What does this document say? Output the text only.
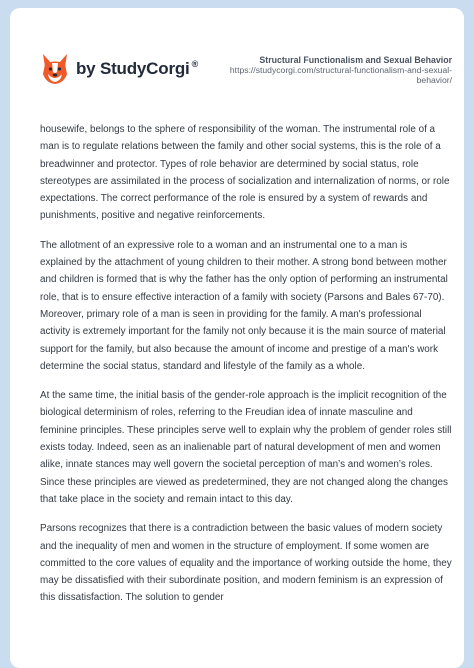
by StudyCorgi ®	Structural Functionalism and Sexual Behavior
https://studycorgi.com/structural-functionalism-and-sexual-behavior/

housewife, belongs to the sphere of responsibility of the woman. The instrumental role of a man is to regulate relations between the family and other social systems, this is the role of a breadwinner and protector. Types of role behavior are determined by social status, role stereotypes are assimilated in the process of socialization and internalization of norms, or role expectations. The correct performance of the role is ensured by a system of rewards and punishments, positive and negative reinforcements.

The allotment of an expressive role to a woman and an instrumental one to a man is explained by the attachment of young children to their mother. A strong bond between mother and children is formed that is why the father has the only option of performing an instrumental role, that is to ensure effective interaction of a family with society (Parsons and Bales 67-70). Moreover, primary role of a man is seen in providing for the family. A man's professional activity is extremely important for the family not only because it is the main source of material support for the family, but also because the amount of income and prestige of a man's work determine the social status, standard and lifestyle of the family as a whole.

At the same time, the initial basis of the gender-role approach is the implicit recognition of the biological determinism of roles, referring to the Freudian idea of innate masculine and feminine principles. These principles serve well to explain why the problem of gender roles still exists today. Indeed, seen as an inalienable part of natural development of men and women alike, innate stances may well govern the societal perception of man’s and women’s roles. Since these principles are viewed as predetermined, they are not changed along the changes that take place in the society and remain intact to this day.

Parsons recognizes that there is a contradiction between the basic values of modern society and the inequality of men and women in the structure of employment. If some women are committed to the core values of equality and the importance of working outside the home, they may be dissatisfied with their subordinate position, and modern feminism is an expression of this dissatisfaction. The solution to gender
